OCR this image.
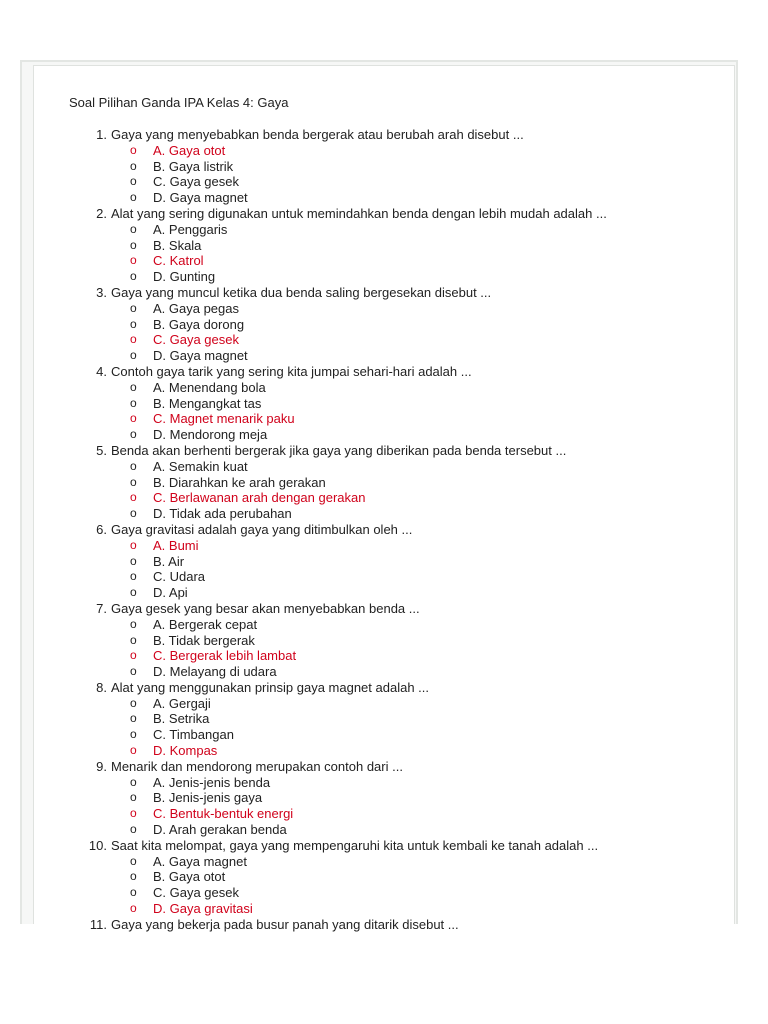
Soal Pilihan Ganda IPA Kelas 4: Gaya
1. Gaya yang menyebabkan benda bergerak atau berubah arah disebut ...
o A. Gaya otot
o B. Gaya listrik
o C. Gaya gesek
o D. Gaya magnet
2. Alat yang sering digunakan untuk memindahkan benda dengan lebih mudah adalah ...
o A. Penggaris
o B. Skala
o C. Katrol
o D. Gunting
3. Gaya yang muncul ketika dua benda saling bergesekan disebut ...
o A. Gaya pegas
o B. Gaya dorong
o C. Gaya gesek
o D. Gaya magnet
4. Contoh gaya tarik yang sering kita jumpai sehari-hari adalah ...
o A. Menendang bola
o B. Mengangkat tas
o C. Magnet menarik paku
o D. Mendorong meja
5. Benda akan berhenti bergerak jika gaya yang diberikan pada benda tersebut ...
o A. Semakin kuat
o B. Diarahkan ke arah gerakan
o C. Berlawanan arah dengan gerakan
o D. Tidak ada perubahan
6. Gaya gravitasi adalah gaya yang ditimbulkan oleh ...
o A. Bumi
o B. Air
o C. Udara
o D. Api
7. Gaya gesek yang besar akan menyebabkan benda ...
o A. Bergerak cepat
o B. Tidak bergerak
o C. Bergerak lebih lambat
o D. Melayang di udara
8. Alat yang menggunakan prinsip gaya magnet adalah ...
o A. Gergaji
o B. Setrika
o C. Timbangan
o D. Kompas
9. Menarik dan mendorong merupakan contoh dari ...
o A. Jenis-jenis benda
o B. Jenis-jenis gaya
o C. Bentuk-bentuk energi
o D. Arah gerakan benda
10. Saat kita melompat, gaya yang mempengaruhi kita untuk kembali ke tanah adalah ...
o A. Gaya magnet
o B. Gaya otot
o C. Gaya gesek
o D. Gaya gravitasi
11. Gaya yang bekerja pada busur panah yang ditarik disebut ...
